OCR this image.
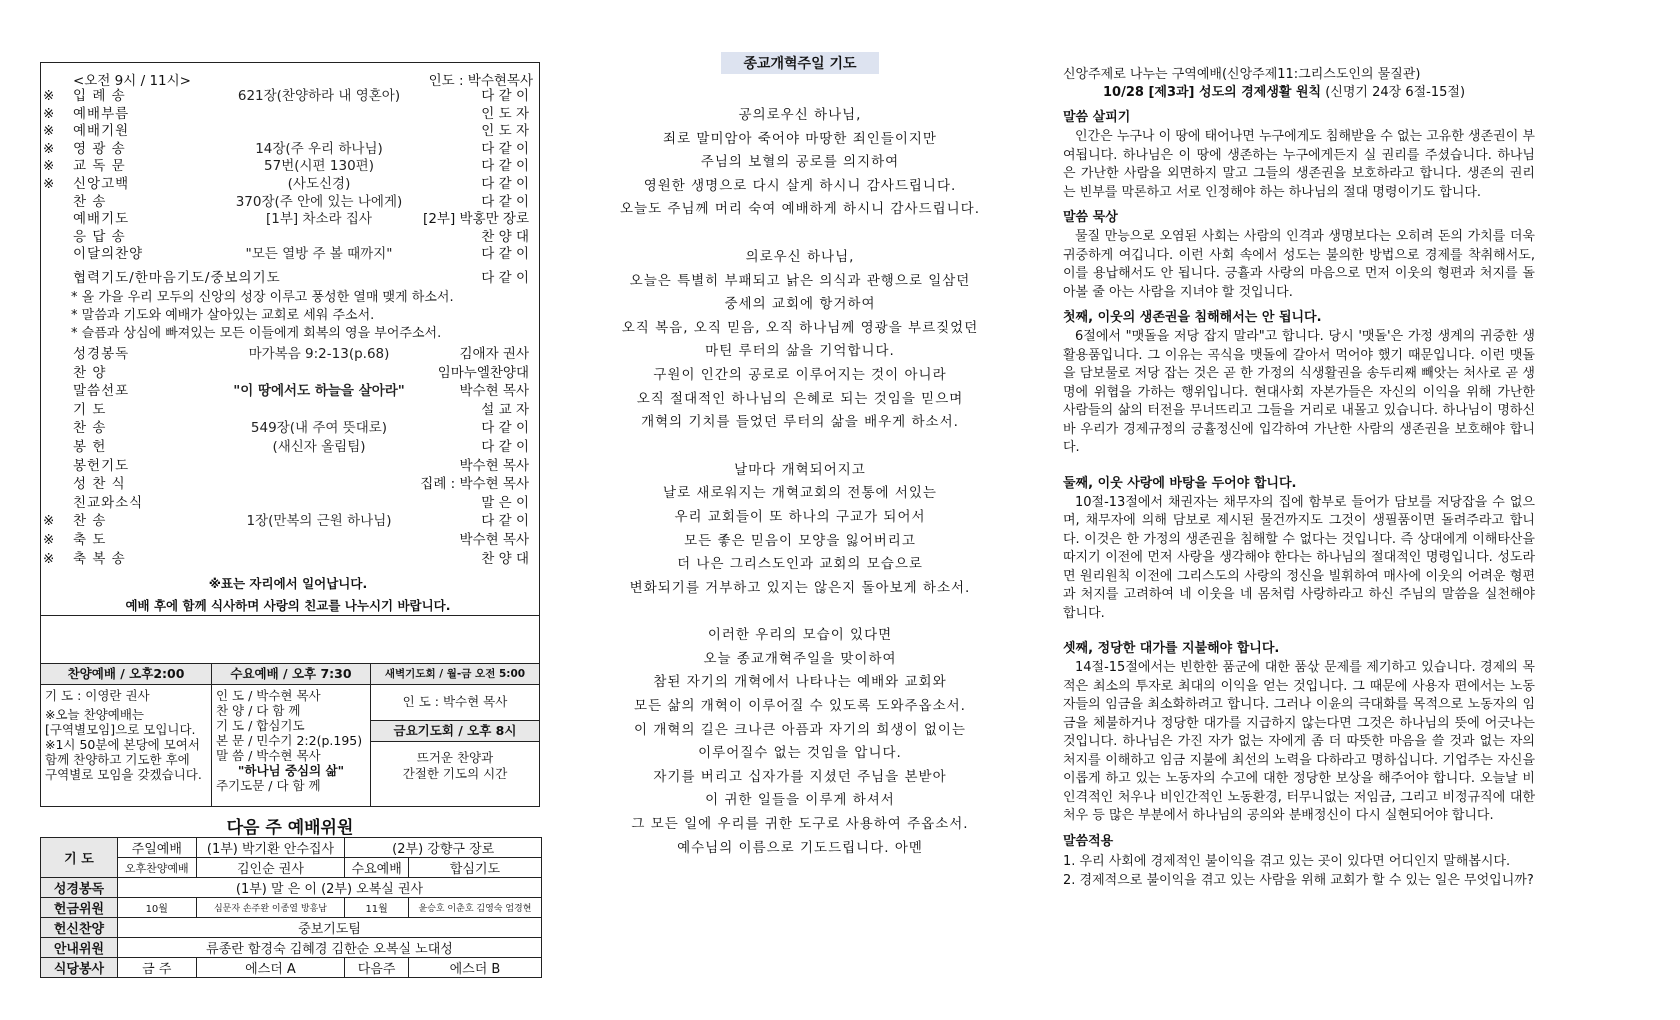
<오전 9시 / 11시>	인도 : 박수현목사
※ 입 례 송	621장(찬양하라 내 영혼아)	다 같 이
※ 예배부름	인 도 자
※ 예배기원	인 도 자
※ 영 광 송	14장(주 우리 하나님)	다 같 이
※ 교 독 문	57번(시편 130편)	다 같 이
※ 신앙고백	(사도신경)	다 같 이
찬 송	370장(주 안에 있는 나에게)	다 같 이
예배기도	[1부] 차소라 집사	[2부] 박홍만 장로
응 답 송	찬 양 대
이달의찬양	"모든 열방 주 볼 때까지"	다 같 이
협력기도/한마음기도/중보의기도	다 같 이
* 올 가을 우리 모두의 신앙의 성장 이루고 풍성한 열매 맺게 하소서.
* 말씀과 기도와 예배가 살아있는 교회로 세워 주소서.
* 슬픔과 상심에 빠져있는 모든 이들에게 회복의 영을 부어주소서.
성경봉독	마가복음 9:2-13(p.68)	김애자 권사
찬 양	임마누엘찬양대
말씀선포	"이 땅에서도 하늘을 살아라"	박수현 목사
기 도	설 교 자
찬 송	549장(내 주여 뜻대로)	다 같 이
봉 헌	(새신자 올림팀)	다 같 이
봉헌기도	박수현 목사
성 찬 식	집례 : 박수현 목사
친교와소식	말 은 이
※ 찬 송	1장(만복의 근원 하나님)	다 같 이
※ 축 도	박수현 목사
※ 축 복 송	찬 양 대
※표는 자리에서 일어납니다.
예배 후에 함께 식사하며 사랑의 친교를 나누시기 바랍니다.
찬양예배 / 오후2:00
기 도 : 이영란 권사
※오늘 찬양예배는
[구역별모임]으로 모입니다.
※1시 50분에 본당에 모여서
함께 찬양하고 기도한 후에
구역별로 모임을 갖겠습니다.
수요예배 / 오후 7:30
인 도 / 박수현 목사
찬 양 / 다 함 께
기 도 / 합심기도
본 문 / 민수기 2:2(p.195)
말 씀 / 박수현 목사
"하나님 중심의 삶"
주기도문 / 다 함 께
새벽기도회 / 월-금 오전 5:00
인 도 : 박수현 목사
금요기도회 / 오후 8시
뜨거운 찬양과
간절한 기도의 시간
다음 주 예배위원
기 도	주일예배	(1부) 박기환 안수집사	(2부) 강향구 장로	
	오후찬양예배	김인순 권사	수요예배	합심기도
성경봉독	(1부) 말 은 이 (2부) 오복실 권사			
헌금위원	10월	심문자 손주완 이종열 방흥남	11월	윤승호 이춘호 김영숙 엄경현
헌신찬양	중보기도팀			
안내위원	류종란 함경숙 김혜경 김한순 오복실 노대성			
식당봉사	금 주	에스더 A	다음주	에스더 B
종교개혁주일 기도
공의로우신 하나님,
죄로 말미암아 죽어야 마땅한 죄인들이지만
주님의 보혈의 공로를 의지하여
영원한 생명으로 다시 살게 하시니 감사드립니다.
오늘도 주님께 머리 숙여 예배하게 하시니 감사드립니다.
의로우신 하나님,
오늘은 특별히 부패되고 낡은 의식과 관행으로 일삼던
중세의 교회에 항거하여
오직 복음, 오직 믿음, 오직 하나님께 영광을 부르짖었던
마틴 루터의 삶을 기억합니다.
구원이 인간의 공로로 이루어지는 것이 아니라
오직 절대적인 하나님의 은혜로 되는 것임을 믿으며
개혁의 기치를 들었던 루터의 삶을 배우게 하소서.
날마다 개혁되어지고
날로 새로워지는 개혁교회의 전통에 서있는
우리 교회들이 또 하나의 구교가 되어서
모든 좋은 믿음이 모양을 잃어버리고
더 나은 그리스도인과 교회의 모습으로
변화되기를 거부하고 있지는 않은지 돌아보게 하소서.
이러한 우리의 모습이 있다면
오늘 종교개혁주일을 맞이하여
참된 자기의 개혁에서 나타나는 예배와 교회와
모든 삶의 개혁이 이루어질 수 있도록 도와주옵소서.
이 개혁의 길은 크나큰 아픔과 자기의 희생이 없이는
이루어질수 없는 것임을 압니다.
자기를 버리고 십자가를 지셨던 주님을 본받아
이 귀한 일들을 이루게 하셔서
그 모든 일에 우리를 귀한 도구로 사용하여 주옵소서.
예수님의 이름으로 기도드립니다. 아멘
신앙주제로 나누는 구역예배(신앙주제11:그리스도인의 물질관)
10/28 [제3과] 성도의 경제생활 원칙 (신명기 24장 6절-15절)
말씀 살피기
인간은 누구나 이 땅에 태어나면 누구에게도 침해받을 수 없는 고유한 생존권이 부여됩니다. 하나님은 이 땅에 생존하는 누구에게든지 실 권리를 주셨습니다. 하나님은 가난한 사람을 외면하지 말고 그들의 생존권을 보호하라고 합니다. 생존의 권리는 빈부를 막론하고 서로 인정해야 하는 하나님의 절대 명령이기도 합니다.
말씀 묵상
물질 만능으로 오염된 사회는 사람의 인격과 생명보다는 오히려 돈의 가치를 더욱 귀중하게 여깁니다. 이런 사회 속에서 성도는 불의한 방법으로 경제를 착취해서도, 이를 용납해서도 안 됩니다. 긍휼과 사랑의 마음으로 먼저 이웃의 형편과 처지를 돌아볼 줄 아는 사람을 지녀야 할 것입니다.
첫째, 이웃의 생존권을 침해해서는 안 됩니다.
6절에서 "맷돌을 저당 잡지 말라"고 합니다. 당시 '맷돌'은 가정 생계의 귀중한 생활용품입니다. 그 이유는 곡식을 맷돌에 갈아서 먹어야 했기 때문입니다. 이런 맷돌을 담보물로 저당 잡는 것은 곧 한 가정의 식생활권을 송두리째 빼앗는 처사로 곧 생명에 위협을 가하는 행위입니다. 현대사회 자본가들은 자신의 이익을 위해 가난한 사람들의 삶의 터전을 무너뜨리고 그들을 거리로 내몰고 있습니다. 하나님이 명하신바 우리가 경제규정의 긍휼정신에 입각하여 가난한 사람의 생존권을 보호해야 합니다.
둘째, 이웃 사랑에 바탕을 두어야 합니다.
10절-13절에서 채권자는 채무자의 집에 함부로 들어가 담보를 저당잡을 수 없으며, 채무자에 의해 담보로 제시된 물건까지도 그것이 생필품이면 돌려주라고 합니다. 이것은 한 가정의 생존권을 침해할 수 없다는 것입니다. 즉 상대에게 이해타산을 따지기 이전에 먼저 사랑을 생각해야 한다는 하나님의 절대적인 명령입니다. 성도라면 원리원칙 이전에 그리스도의 사랑의 정신을 빌휘하여 매사에 이웃의 어려운 형편과 처지를 고려하여 네 이웃을 네 몸처럼 사랑하라고 하신 주님의 말씀을 실천해야 합니다.
셋째, 정당한 대가를 지불해야 합니다.
14절-15절에서는 빈한한 품군에 대한 품삯 문제를 제기하고 있습니다. 경제의 목적은 최소의 투자로 최대의 이익을 얻는 것입니다. 그 때문에 사용자 편에서는 노동자들의 임금을 최소화하려고 합니다. 그러나 이윤의 극대화를 목적으로 노동자의 임금을 체불하거나 정당한 대가를 지급하지 않는다면 그것은 하나님의 뜻에 어긋나는 것입니다. 하나님은 가진 자가 없는 자에게 좀 더 따뜻한 마음을 쓸 것과 없는 자의 처지를 이해하고 임금 지불에 최선의 노력을 다하라고 명하십니다. 기업주는 자신을 이롭게 하고 있는 노동자의 수고에 대한 정당한 보상을 해주어야 합니다. 오늘날 비인격적인 처우나 비인간적인 노동환경, 터무니없는 저임금, 그리고 비정규직에 대한 처우 등 많은 부분에서 하나님의 공의와 분배정신이 다시 실현되어야 합니다.
말씀적용
1. 우리 사회에 경제적인 불이익을 겪고 있는 곳이 있다면 어디인지 말해봅시다.
2. 경제적으로 불이익을 겪고 있는 사람을 위해 교회가 할 수 있는 일은 무엇입니까?
